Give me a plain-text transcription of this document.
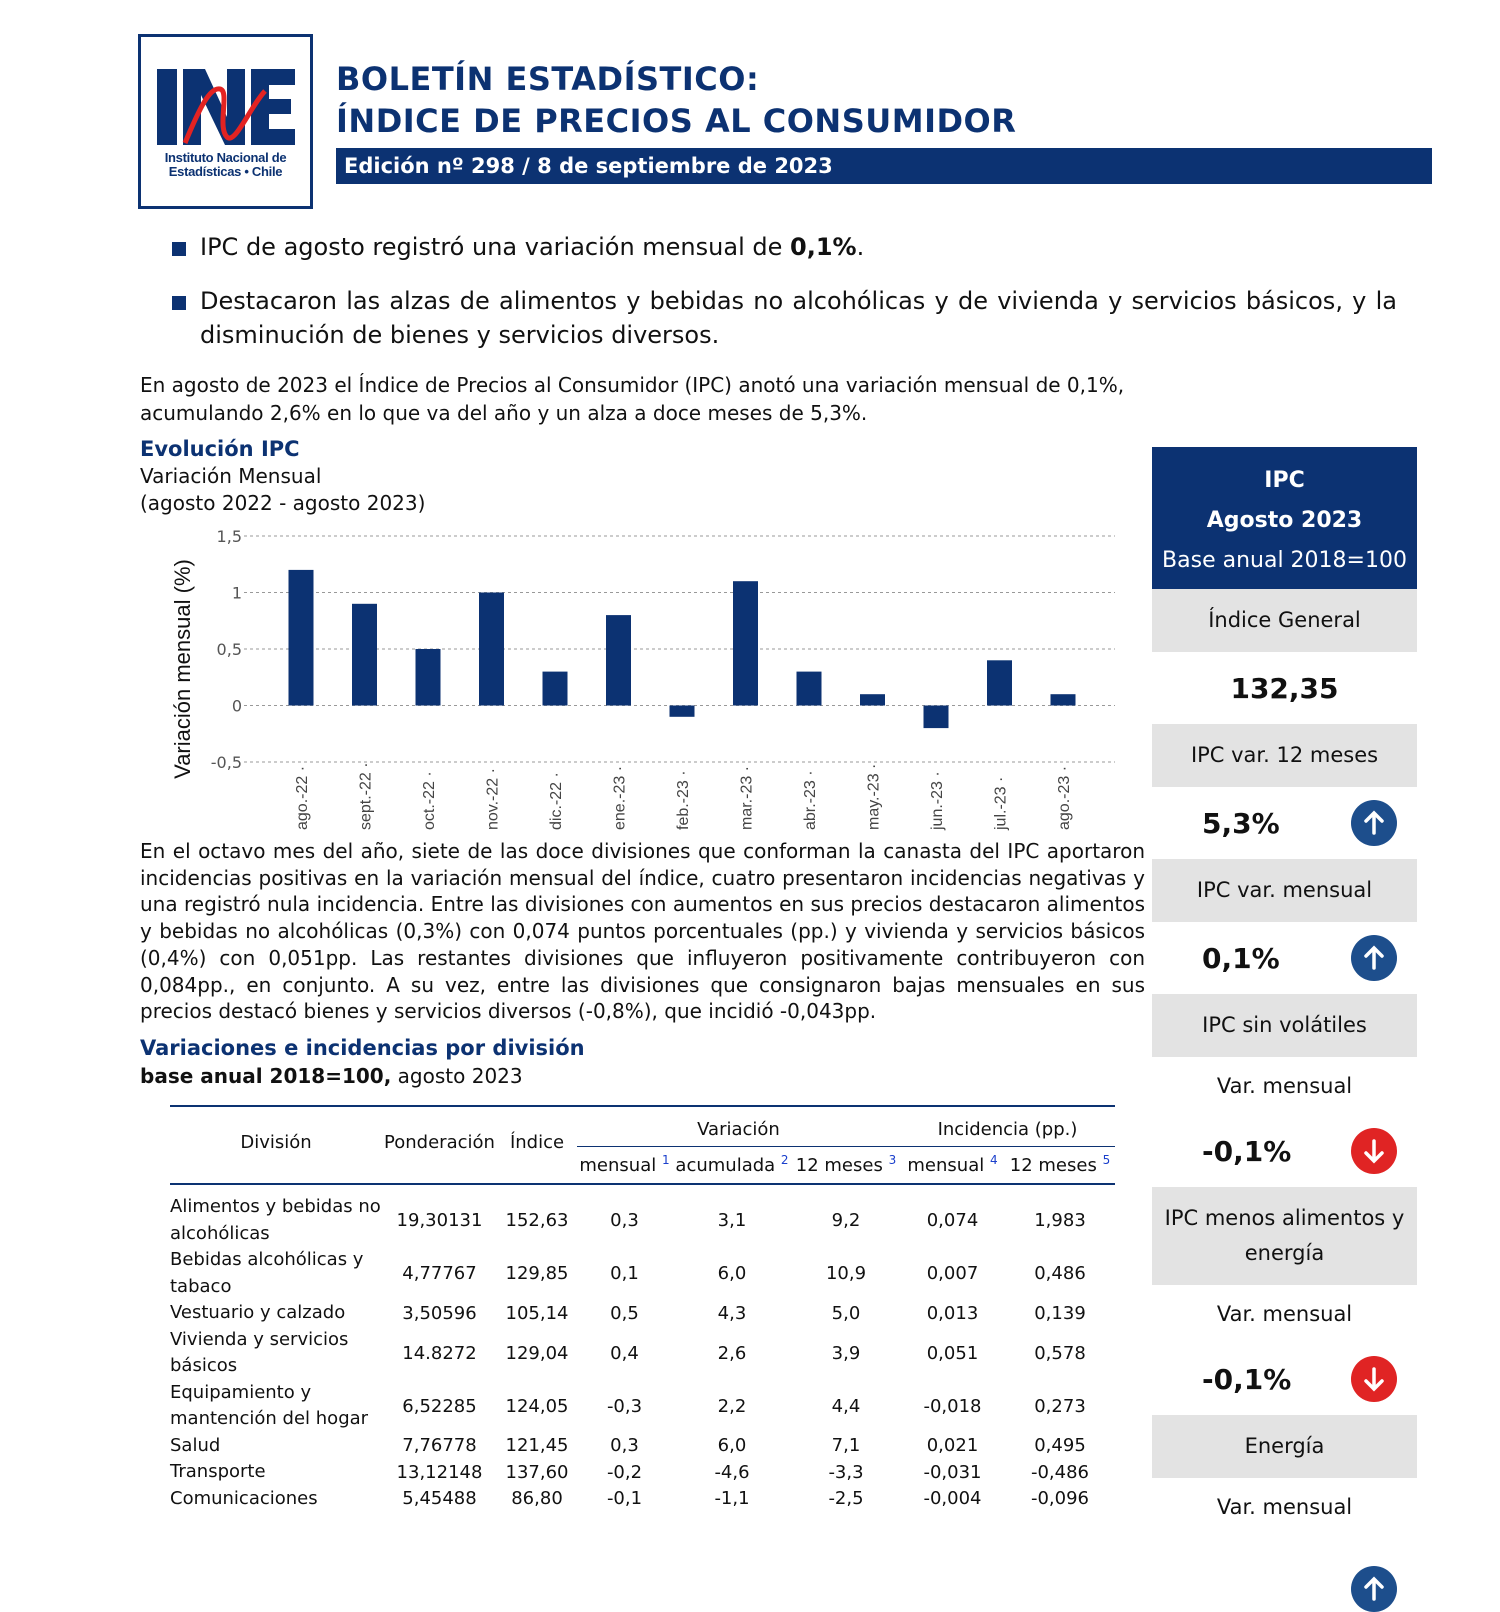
Instituto Nacional de
Estadísticas • Chile
BOLETÍN ESTADÍSTICO:
ÍNDICE DE PRECIOS AL CONSUMIDOR
Edición nº 298 / 8 de septiembre de 2023
IPC de agosto registró una variación mensual de 0,1%.
Destacaron las alzas de alimentos y bebidas no alcohólicas y de vivienda y servicios básicos, y la disminución de bienes y servicios diversos.
En agosto de 2023 el Índice de Precios al Consumidor (IPC) anotó una variación mensual de 0,1%, acumulando 2,6% en lo que va del año y un alza a doce meses de 5,3%.
Evolución IPC
Variación Mensual
(agosto 2022 - agosto 2023)
-0,5
0
0,5
1
1,5
Variación mensual (%)
ago.-22 ·	sept.-22 ·	oct.-22 ·	nov.-22 ·	dic.-22 ·	ene.-23 ·	feb.-23 ·	mar.-23 ·	abr.-23 ·	may.-23 ·	jun.-23 ·	jul.-23 ·	ago.-23 ·
En el octavo mes del año, siete de las doce divisiones que conforman la canasta del IPC aportaron incidencias positivas en la variación mensual del índice, cuatro presentaron incidencias negativas y una registró nula incidencia. Entre las divisiones con aumentos en sus precios destacaron alimentos y bebidas no alcohólicas (0,3%) con 0,074 puntos porcentuales (pp.) y vivienda y servicios básicos (0,4%) con 0,051pp. Las restantes divisiones que influyeron positivamente contribuyeron con 0,084pp., en conjunto. A su vez, entre las divisiones que consignaron bajas mensuales en sus precios destacó bienes y servicios diversos (-0,8%), que incidió -0,043pp.
Variaciones e incidencias por división
base anual 2018=100, agosto 2023
División	Ponderación	Índice	Variación			Incidencia (pp.)	
			mensual $^1$	acumulada $^2$	12 meses $^3$	mensual $^4$	12 meses $^5$

Alimentos y bebidas no alcohólicas	19,30131	152,63	0,3	3,1	9,2	0,074	1,983
Bebidas alcohólicas y tabaco	4,77767	129,85	0,1	6,0	10,9	0,007	0,486
Vestuario y calzado	3,50596	105,14	0,5	4,3	5,0	0,013	0,139
Vivienda y servicios básicos	14.8272	129,04	0,4	2,6	3,9	0,051	0,578
Equipamiento y mantención del hogar	6,52285	124,05	-0,3	2,2	4,4	-0,018	0,273
Salud	7,76778	121,45	0,3	6,0	7,1	0,021	0,495
Transporte	13,12148	137,60	-0,2	-4,6	-3,3	-0,031	-0,486
Comunicaciones	5,45488	86,80	-0,1	-1,1	-2,5	-0,004	-0,096
IPC
Agosto 2023
Base anual 2018=100
Índice General
132,35
IPC var. 12 meses
5,3%
IPC var. mensual
0,1%
IPC sin volátiles
Var. mensual
-0,1%
IPC menos alimentos y energía
Var. mensual
-0,1%
Energía
Var. mensual
